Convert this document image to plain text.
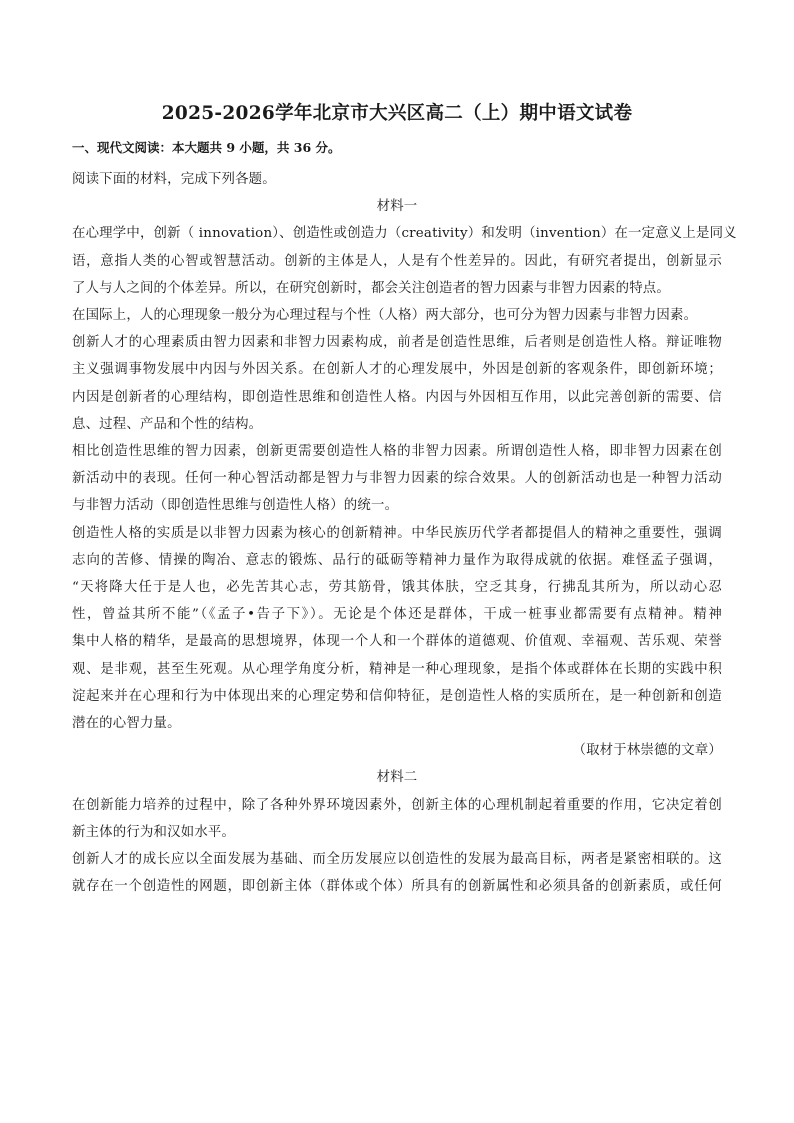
2025-2026学年北京市大兴区高二（上）期中语文试卷

一、现代文阅读：本大题共 9 小题，共 36 分。

阅读下面的材料，完成下列各题。

材料一

在心理学中，创新（ innovation）、创造性或创造力（creativity）和发明（invention）在一定意义上是同义

语，意指人类的心智或智慧活动。创新的主体是人，人是有个性差异的。因此，有研究者提出，创新显示

了人与人之间的个体差异。所以，在研究创新时，都会关注创造者的智力因素与非智力因素的特点。

在国际上，人的心理现象一般分为心理过程与个性（人格）两大部分，也可分为智力因素与非智力因素。

创新人才的心理素质由智力因素和非智力因素构成，前者是创造性思维，后者则是创造性人格。辩证唯物

主义强调事物发展中内因与外因关系。在创新人才的心理发展中，外因是创新的客观条件，即创新环境；

内因是创新者的心理结构，即创造性思维和创造性人格。内因与外因相互作用，以此完善创新的需要、信

息、过程、产品和个性的结构。

相比创造性思维的智力因素，创新更需要创造性人格的非智力因素。所谓创造性人格，即非智力因素在创

新活动中的表现。任何一种心智活动都是智力与非智力因素的综合效果。人的创新活动也是一种智力活动

与非智力活动（即创造性思维与创造性人格）的统一。

创造性人格的实质是以非智力因素为核心的创新精神。中华民族历代学者都提倡人的精神之重要性，强调

志向的苦修、情操的陶冶、意志的锻炼、品行的砥砺等精神力量作为取得成就的依据。难怪孟子强调，

“天将降大任于是人也，必先苦其心志，劳其筋骨，饿其体肤，空乏其身，行拂乱其所为，所以动心忍

性，曾益其所不能”（《孟子•告子下》）。无论是个体还是群体，干成一桩事业都需要有点精神。精神

集中人格的精华，是最高的思想境界，体现一个人和一个群体的道德观、价值观、幸福观、苦乐观、荣誉

观、是非观，甚至生死观。从心理学角度分析，精神是一种心理现象，是指个体或群体在长期的实践中积

淀起来并在心理和行为中体现出来的心理定势和信仰特征，是创造性人格的实质所在，是一种创新和创造

潜在的心智力量。

（取材于林崇德的文章）

材料二

在创新能力培养的过程中，除了各种外界环境因素外，创新主体的心理机制起着重要的作用，它决定着创

新主体的行为和汉如水平。

创新人才的成长应以全面发展为基础、而全历发展应以创造性的发展为最高目标，两者是紧密相联的。这

就存在一个创造性的网题，即创新主体（群体或个体）所具有的创新属性和必须具备的创新素质，或任何
